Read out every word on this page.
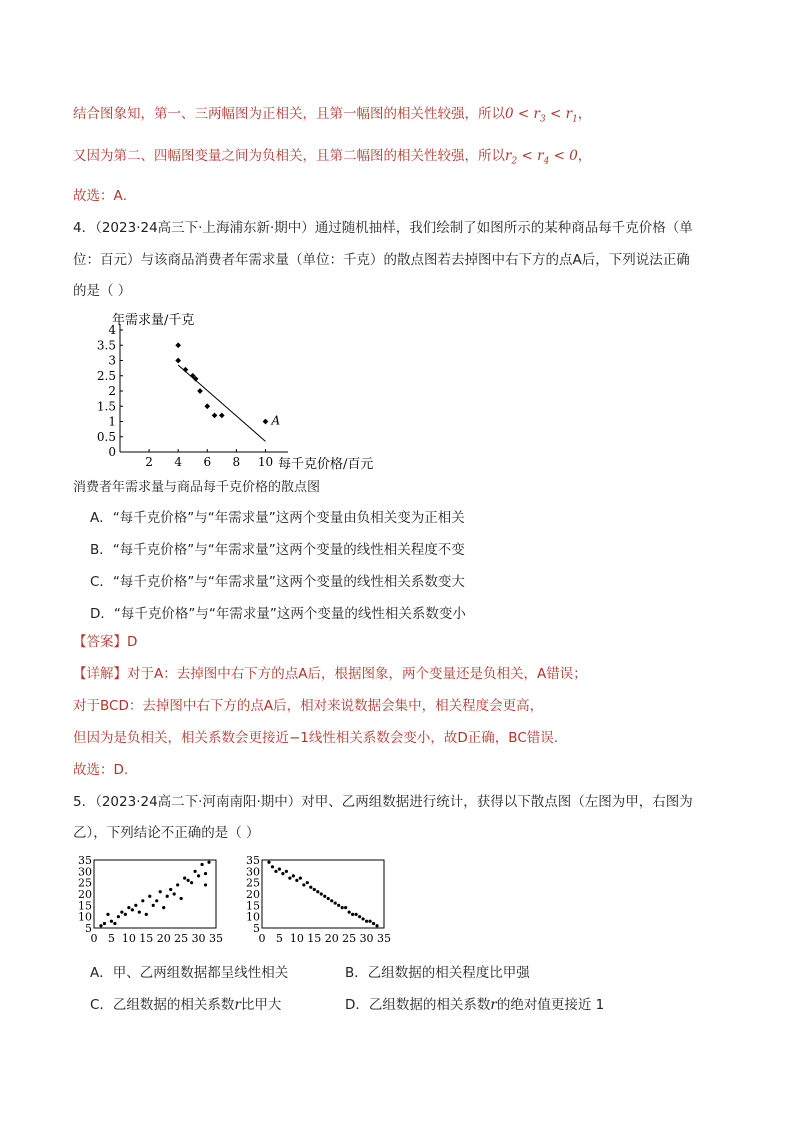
结合图象知，第一、三两幅图为正相关，且第一幅图的相关性较强，所以$0 < r_3 < r_1$，
又因为第二、四幅图变量之间为负相关，且第二幅图的相关性较强，所以$r_2 < r_4 < 0$，
故选：A．
4．（2023·24高三下·上海浦东新·期中）通过随机抽样，我们绘制了如图所示的某种商品每千克价格（单
位：百元）与该商品消费者年需求量（单位：千克）的散点图若去掉图中右下方的点A后，下列说法正确
的是（ ）
0
0.5
1
1.5
2
2.5
3
3.5
4
2 4 6 8 10
A
年需求量/千克
每千克价格/百元
消费者年需求量与商品每千克价格的散点图
A．“每千克价格”与“年需求量”这两个变量由负相关变为正相关
B．“每千克价格”与“年需求量”这两个变量的线性相关程度不变
C．“每千克价格”与“年需求量”这两个变量的线性相关系数变大
D．“每千克价格”与“年需求量”这两个变量的线性相关系数变小
【答案】D
【详解】对于A：去掉图中右下方的点A后，根据图象，两个变量还是负相关，A错误；
对于BCD：去掉图中右下方的点A后，相对来说数据会集中，相关程度会更高，
但因为是负相关，相关系数会更接近−1线性相关系数会变小，故D正确，BC错误.
故选：D.
5．（2023·24高二下·河南南阳·期中）对甲、乙两组数据进行统计，获得以下散点图（左图为甲，右图为
乙），下列结论不正确的是（ ）
5
10
15
20
25
30
35
0 5 10 15 20 25 30 35
5
10
15
20
25
30
35
0 5 10 15 20 25 30 35
A．甲、乙两组数据都呈线性相关	B．乙组数据的相关程度比甲强
C．乙组数据的相关系数r比甲大	D．乙组数据的相关系数r的绝对值更接近 1
